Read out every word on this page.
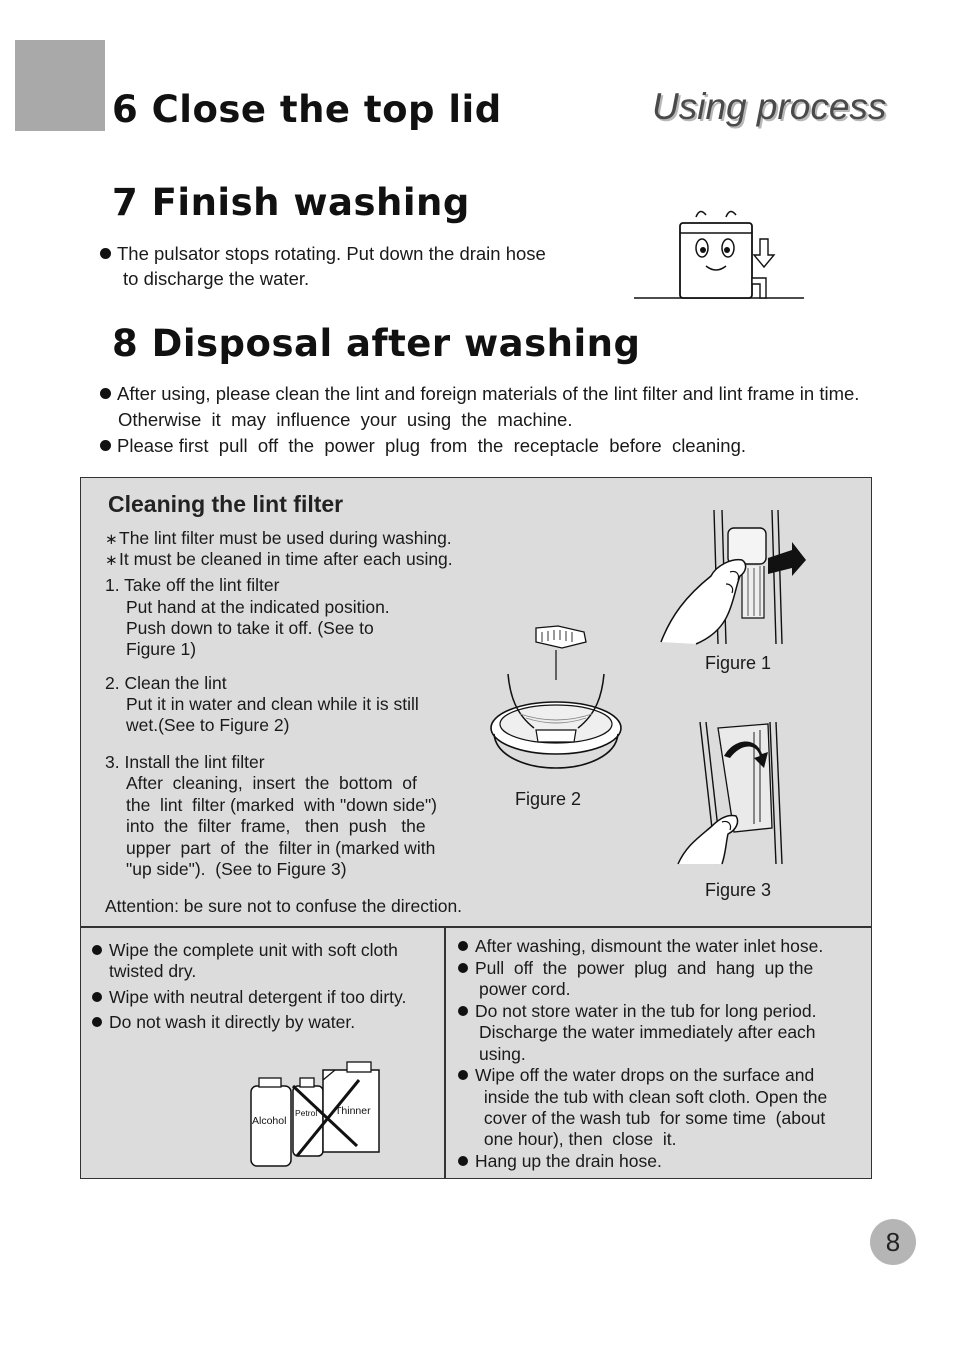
6 Close the top lid	Using process
7 Finish washing
The pulsator stops rotating. Put down the drain hose
to discharge the water.
8 Disposal after washing
After using, please clean the lint and foreign materials of the lint filter and lint frame in time.
Otherwise  it  may  influence  your  using  the  machine.
Please first  pull  off  the  power  plug  from  the  receptacle  before  cleaning.
Cleaning the lint filter
∗The lint filter must be used during washing.
∗It must be cleaned in time after each using.
1. Take off the lint filter
Put hand at the indicated position.
Push down to take it off. (See to
Figure 1)
2. Clean the lint
Put it in water and clean while it is still
wet.(See to Figure 2)
3. Install the lint filter
After  cleaning,  insert  the  bottom  of
the  lint  filter (marked  with "down side")
into  the  filter  frame,   then  push   the
upper  part  of  the  filter in (marked with
"up side").  (See to Figure 3)
Attention: be sure not to confuse the direction.
Figure 1
Figure 2
Figure 3
Wipe the complete unit with soft cloth
twisted dry.
Wipe with neutral detergent if too dirty.
Do not wash it directly by water.
Alcohol
Petrol Thinner
After washing, dismount the water inlet hose.
Pull  off  the  power  plug  and  hang  up the
power cord.
Do not store water in the tub for long period.
Discharge the water immediately after each
using.
Wipe off the water drops on the surface and
inside the tub with clean soft cloth. Open the
cover of the wash tub  for some time  (about
one hour), then  close  it.
Hang up the drain hose.
8
